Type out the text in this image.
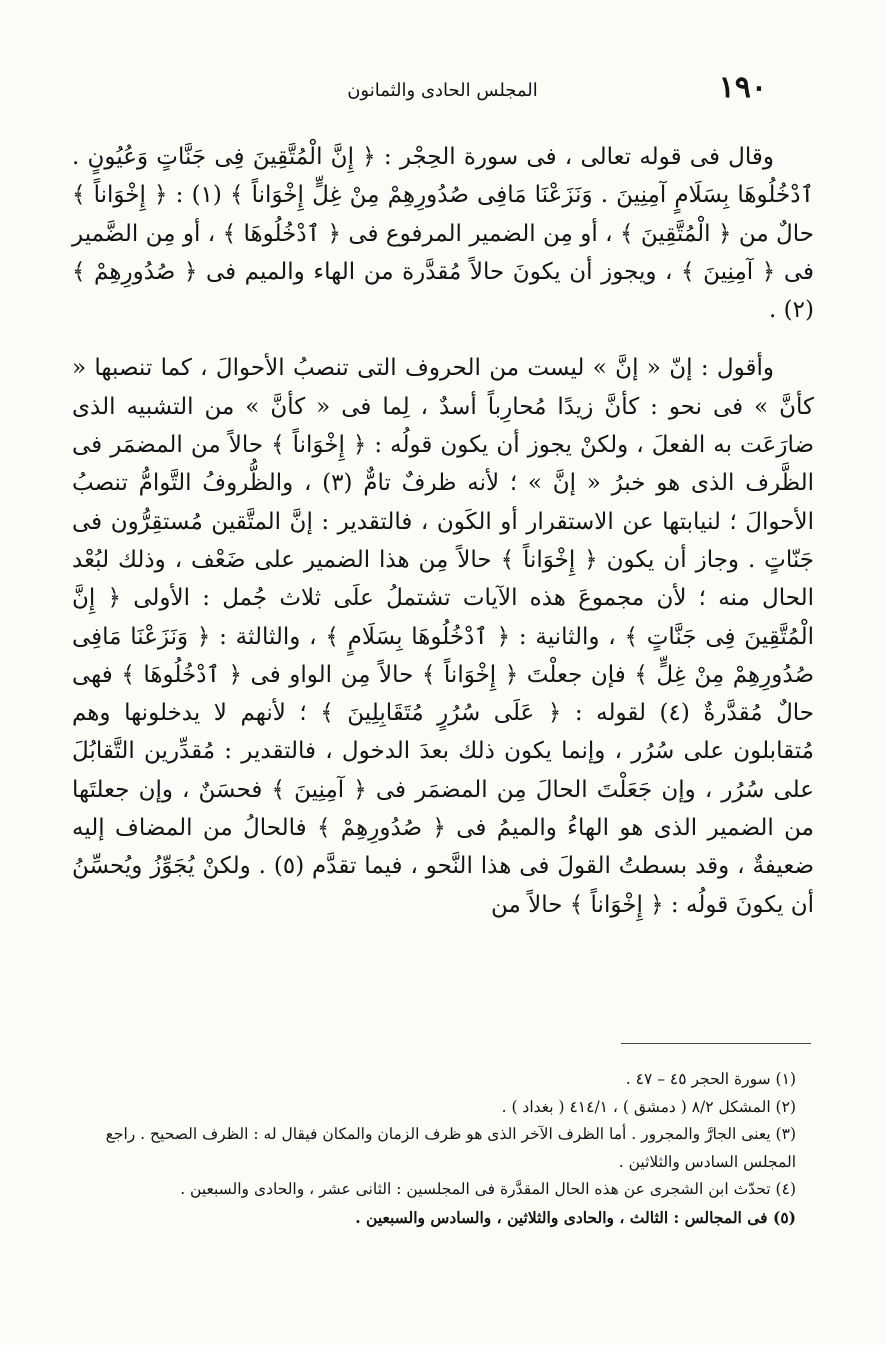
١٩٠
المجلس الحادى والثمانون

وقال فى قوله تعالى ، فى سورة الحِجْر : ﴿ إِنَّ الْمُتَّقِينَ فِى جَنَّاتٍ وَعُيُونٍ . ٱدْخُلُوهَا بِسَلَامٍ آمِنِينَ . وَنَزَعْنَا مَافِى صُدُورِهِمْ مِنْ غِلٍّ إِخْوَاناً ﴾ (١) : ﴿ إِخْوَاناً ﴾ حالٌ من ﴿ الْمُتَّقِينَ ﴾ ، أو مِن الضمير المرفوع فى ﴿ ٱدْخُلُوهَا ﴾ ، أو مِن الضَّمير فى ﴿ آمِنِينَ ﴾ ، ويجوز أن يكونَ حالاً مُقدَّرة من الهاء والميم فى ﴿ صُدُورِهِمْ ﴾ (٢) .

وأقول : إنّ « إنَّ » ليست من الحروف التى تنصبُ الأحوالَ ، كما تنصبها « كأنَّ » فى نحو : كأنَّ زيدًا مُحارِباً أسدٌ ، لِما فى « كأنَّ » من التشبيه الذى ضارَعَت به الفعلَ ، ولكنْ يجوز أن يكون قولُه : ﴿ إِخْوَاناً ﴾ حالاً من المضمَر فى الظَّرف الذى هو خبرُ « إنَّ » ؛ لأنه ظرفٌ تامٌّ (٣) ، والظُّروفُ التَّوامُّ تنصبُ الأحوالَ ؛ لنيابتها عن الاستقرار أو الكَون ، فالتقدير : إنَّ المتَّقين مُستقِرُّون فى جَنّاتٍ . وجاز أن يكون ﴿ إِخْوَاناً ﴾ حالاً مِن هذا الضمير على ضَعْف ، وذلك لبُعْد الحال منه ؛ لأن مجموعَ هذه الآيات تشتملُ علَى ثلاث جُمل : الأولى ﴿ إِنَّ الْمُتَّقِينَ فِى جَنَّاتٍ ﴾ ، والثانية : ﴿ ٱدْخُلُوهَا بِسَلَامٍ ﴾ ، والثالثة : ﴿ وَنَزَعْنَا مَافِى صُدُورِهِمْ مِنْ غِلٍّ ﴾ فإن جعلْتَ ﴿ إِخْوَاناً ﴾ حالاً مِن الواو فى ﴿ ٱدْخُلُوهَا ﴾ فهى حالٌ مُقدَّرةٌ (٤) لقوله : ﴿ عَلَى سُرُرٍ مُتَقَابِلِينَ ﴾ ؛ لأنهم لا يدخلونها وهم مُتقابلون على سُرُر ، وإنما يكون ذلك بعدَ الدخول ، فالتقدير : مُقدِّرين التَّقابُلَ على سُرُر ، وإن جَعَلْتَ الحالَ مِن المضمَر فى ﴿ آمِنِينَ ﴾ فحسَنٌ ، وإن جعلتَها من الضمير الذى هو الهاءُ والميمُ فى ﴿ صُدُورِهِمْ ﴾ فالحالُ من المضاف إليه ضعيفةٌ ، وقد بسطتُ القولَ فى هذا النَّحو ، فيما تقدَّم (٥) . ولكنْ يُجَوِّزُ ويُحسِّنُ أن يكونَ قولُه : ﴿ إِخْوَاناً ﴾ حالاً من

(١) سورة الحجر ٤٥ – ٤٧ .

(٢) المشكل ٨/٢ ( دمشق ) ، ٤١٤/١ ( بغداد ) .

(٣) يعنى الجارَّ والمجرور . أما الظرف الآخر الذى هو ظرف الزمان والمكان فيقال له : الظرف الصحيح . راجع المجلس السادس والثلاثين .

(٤) تحدّث ابن الشجرى عن هذه الحال المقدَّرة فى المجلسين : الثانى عشر ، والحادى والسبعين .

(٥) فى المجالس : الثالث ، والحادى والثلاثين ، والسادس والسبعين .
